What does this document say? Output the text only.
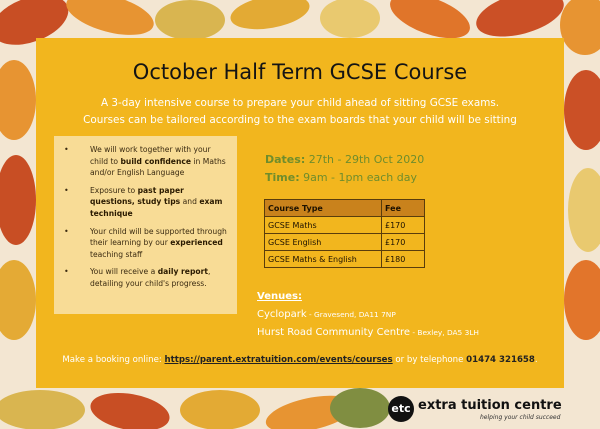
October Half Term GCSE Course
A 3-day intensive course to prepare your child ahead of sitting GCSE exams.
Courses can be tailored according to the exam boards that your child will be sitting
•	We will work together with your child to build confidence in Maths and/or English Language
•	Exposure to past paper questions, study tips and exam technique
•	Your child will be supported through their learning by our experienced teaching staff
•	You will receive a daily report, detailing your child's progress.
Dates: 27th - 29th Oct 2020
Time: 9am - 1pm each day
Course Type	Fee
GCSE Maths	£170
GCSE English	£170
GCSE Maths & English	£180
Venues:
Cyclopark - Gravesend, DA11 7NP
Hurst Road Community Centre - Bexley, DA5 3LH
Make a booking online: https://parent.extratuition.com/events/courses or by telephone 01474 321658.
etc extra tuition centre
helping your child succeed
